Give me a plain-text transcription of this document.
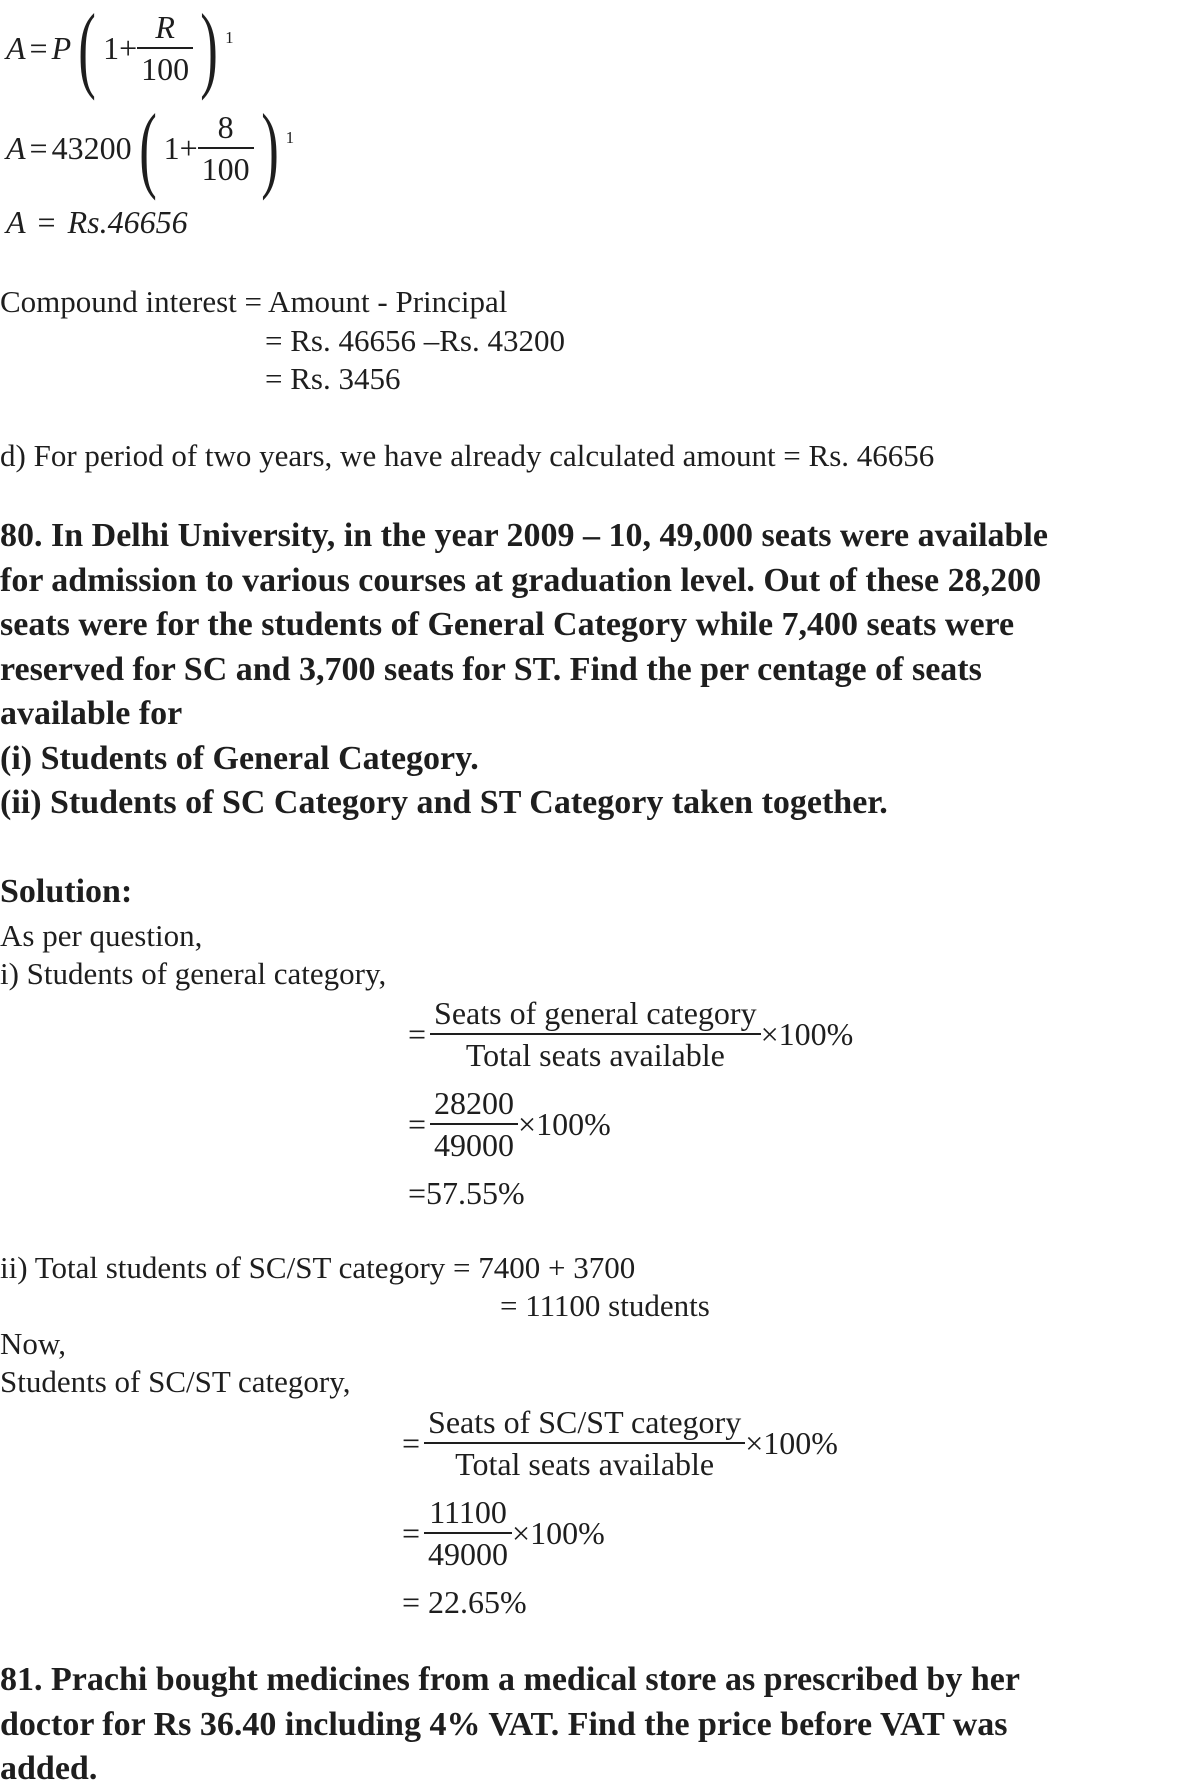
A = P ( $1+ \frac{R}{100}$ ) 1
A = 43200 ( $1+ \frac{8}{100}$ ) 1
A = Rs.46656
Compound interest = Amount - Principal
= Rs. 46656 –Rs. 43200
= Rs. 3456
d) For period of two years, we have already calculated amount = Rs. 46656
80. In Delhi University, in the year 2009 – 10, 49,000 seats were available
for admission to various courses at graduation level. Out of these 28,200
seats were for the students of General Category while 7,400 seats were
reserved for SC and 3,700 seats for ST. Find the per centage of seats
available for
(i) Students of General Category.
(ii) Students of SC Category and ST Category taken together.
Solution:
As per question,
i) Students of general category,
= $\frac{\text{Seats of general category}}{\text{Total seats available}} \times 100\%$
= $\frac{28200}{49000} \times 100\%$
=57.55%
ii) Total students of SC/ST category = 7400 + 3700
= 11100 students
Now,
Students of SC/ST category,
= $\frac{\text{Seats of SC/ST category}}{\text{Total seats available}} \times 100\%$
= $\frac{11100}{49000} \times 100\%$
= 22.65%
81. Prachi bought medicines from a medical store as prescribed by her
doctor for Rs 36.40 including 4% VAT. Find the price before VAT was
added.
